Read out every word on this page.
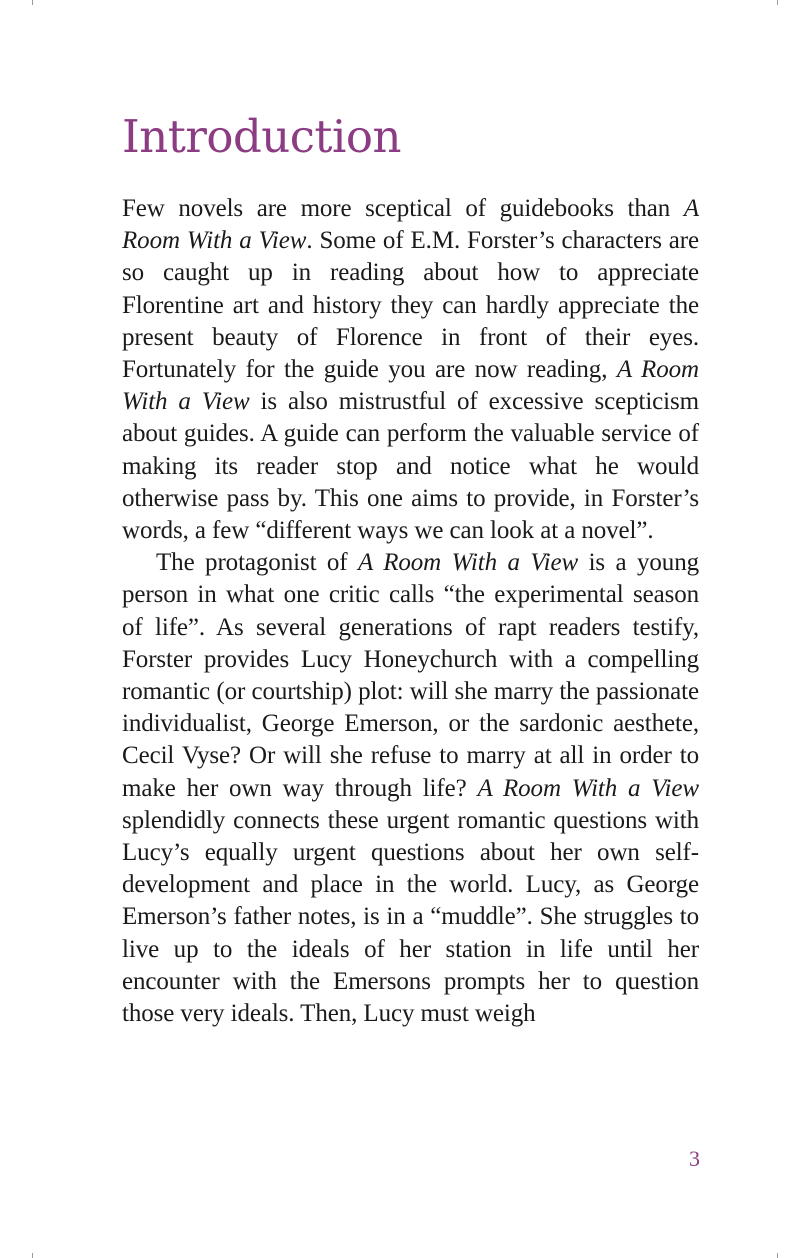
Introduction

Few novels are more sceptical of guidebooks than A Room With a View. Some of E.M. Forster’s characters are so caught up in reading about how to appreciate Florentine art and history they can hardly appreciate the present beauty of Florence in front of their eyes. Fortunately for the guide you are now reading, A Room With a View is also mistrustful of excessive scepticism about guides. A guide can perform the valuable service of making its reader stop and notice what he would otherwise pass by. This one aims to provide, in Forster’s words, a few “different ways we can look at a novel”.

The protagonist of A Room With a View is a young person in what one critic calls “the experimental season of life”. As several generations of rapt readers testify, Forster provides Lucy Honeychurch with a compelling romantic (or courtship) plot: will she marry the passionate individualist, George Emerson, or the sardonic aesthete, Cecil Vyse? Or will she refuse to marry at all in order to make her own way through life? A Room With a View splendidly connects these urgent romantic questions with Lucy’s equally urgent questions about her own self-development and place in the world. Lucy, as George Emerson’s father notes, is in a “muddle”. She struggles to live up to the ideals of her station in life until her encounter with the Emersons prompts her to question those very ideals. Then, Lucy must weigh

3
